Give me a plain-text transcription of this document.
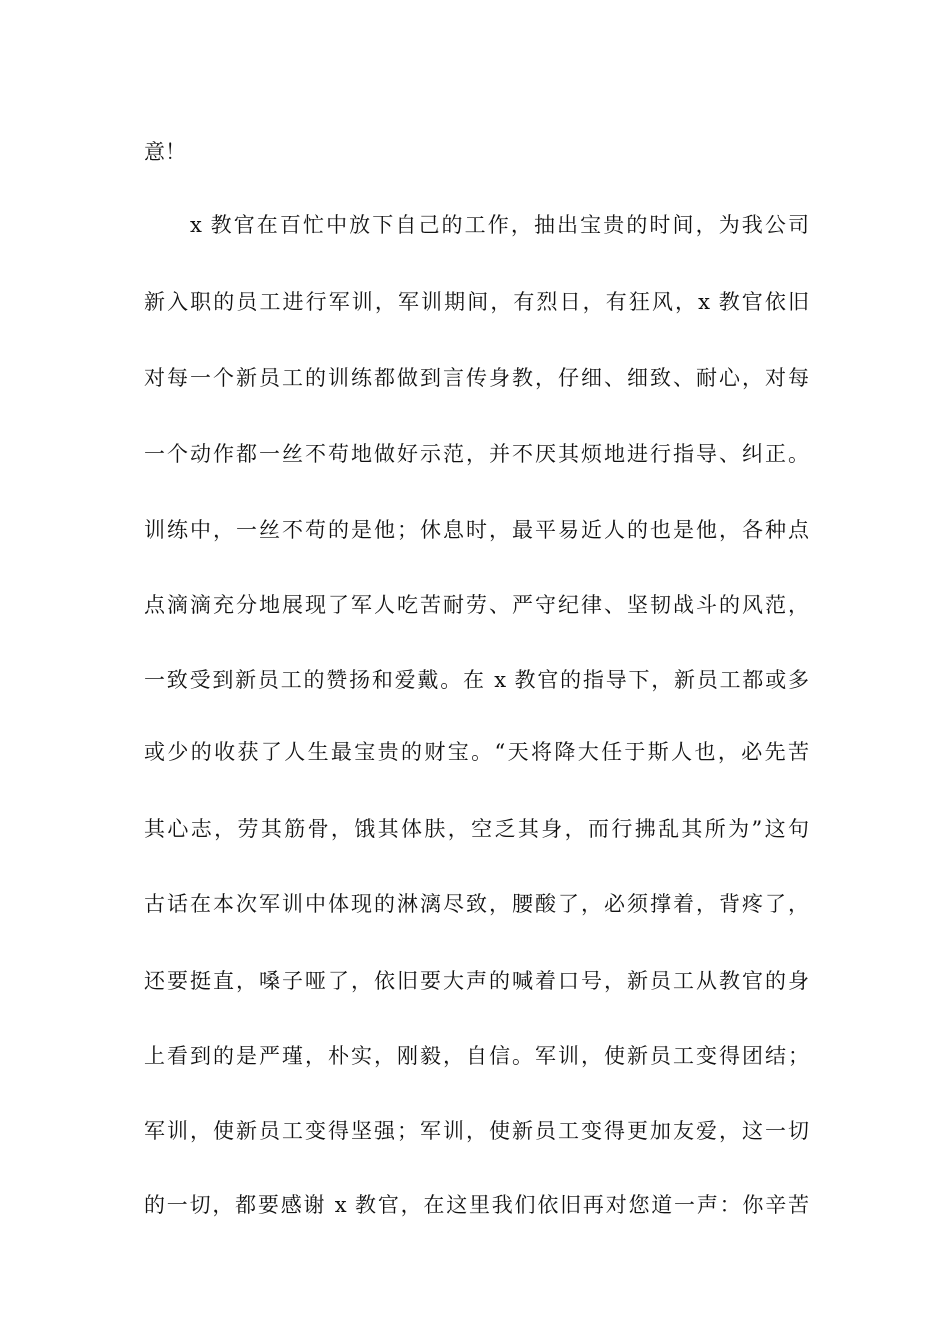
意！
x 教官在百忙中放下自己的工作，抽出宝贵的时间，为我公司
新入职的员工进行军训，军训期间，有烈日，有狂风，x 教官依旧
对每一个新员工的训练都做到言传身教，仔细、细致、耐心，对每
一个动作都一丝不苟地做好示范，并不厌其烦地进行指导、纠正。
训练中，一丝不苟的是他；休息时，最平易近人的也是他，各种点
点滴滴充分地展现了军人吃苦耐劳、严守纪律、坚韧战斗的风范，
一致受到新员工的赞扬和爱戴。在 x 教官的指导下，新员工都或多
或少的收获了人生最宝贵的财宝。“天将降大任于斯人也，必先苦
其心志，劳其筋骨，饿其体肤，空乏其身，而行拂乱其所为”这句
古话在本次军训中体现的淋漓尽致，腰酸了，必须撑着，背疼了，
还要挺直，嗓子哑了，依旧要大声的喊着口号，新员工从教官的身
上看到的是严瑾，朴实，刚毅，自信。军训，使新员工变得团结；
军训，使新员工变得坚强；军训，使新员工变得更加友爱，这一切
的一切，都要感谢 x 教官，在这里我们依旧再对您道一声：你辛苦
